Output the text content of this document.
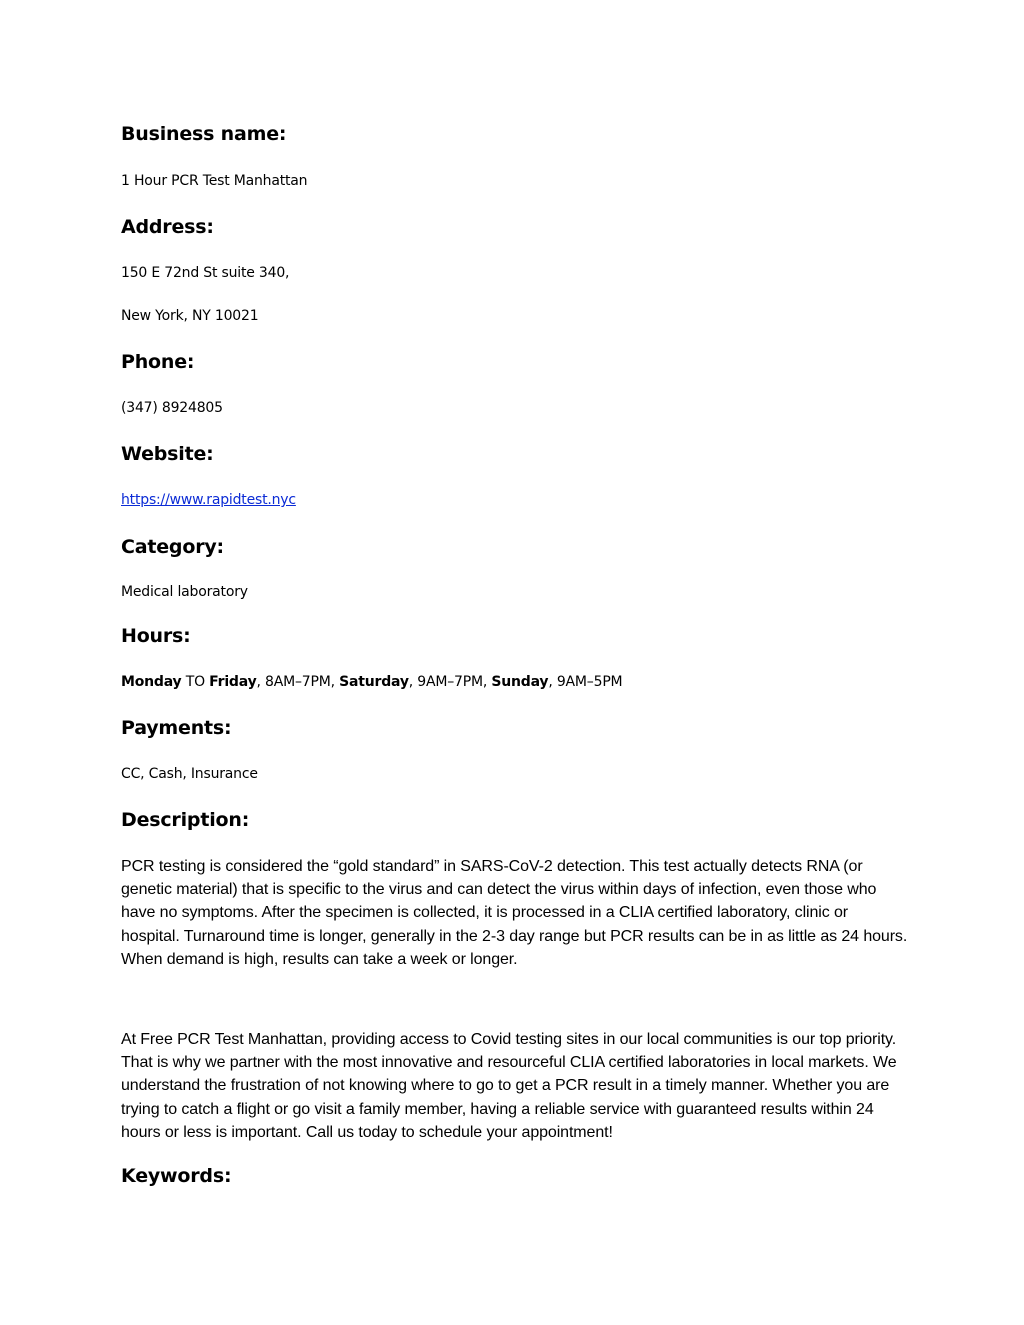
Business name:
1 Hour PCR Test Manhattan
Address:
150 E 72nd St suite 340,
New York, NY 10021
Phone:
(347) 8924805
Website:
https://www.rapidtest.nyc
Category:
Medical laboratory
Hours:
Monday TO Friday, 8AM–7PM, Saturday, 9AM–7PM, Sunday, 9AM–5PM
Payments:
CC, Cash, Insurance
Description:
PCR testing is considered the “gold standard” in SARS-CoV-2 detection. This test actually detects RNA (or genetic material) that is specific to the virus and can detect the virus within days of infection, even those who have no symptoms. After the specimen is collected, it is processed in a CLIA certified laboratory, clinic or hospital. Turnaround time is longer, generally in the 2-3 day range but PCR results can be in as little as 24 hours. When demand is high, results can take a week or longer.
At Free PCR Test Manhattan, providing access to Covid testing sites in our local communities is our top priority. That is why we partner with the most innovative and resourceful CLIA certified laboratories in local markets. We understand the frustration of not knowing where to go to get a PCR result in a timely manner. Whether you are trying to catch a flight or go visit a family member, having a reliable service with guaranteed results within 24 hours or less is important. Call us today to schedule your appointment!
Keywords:
